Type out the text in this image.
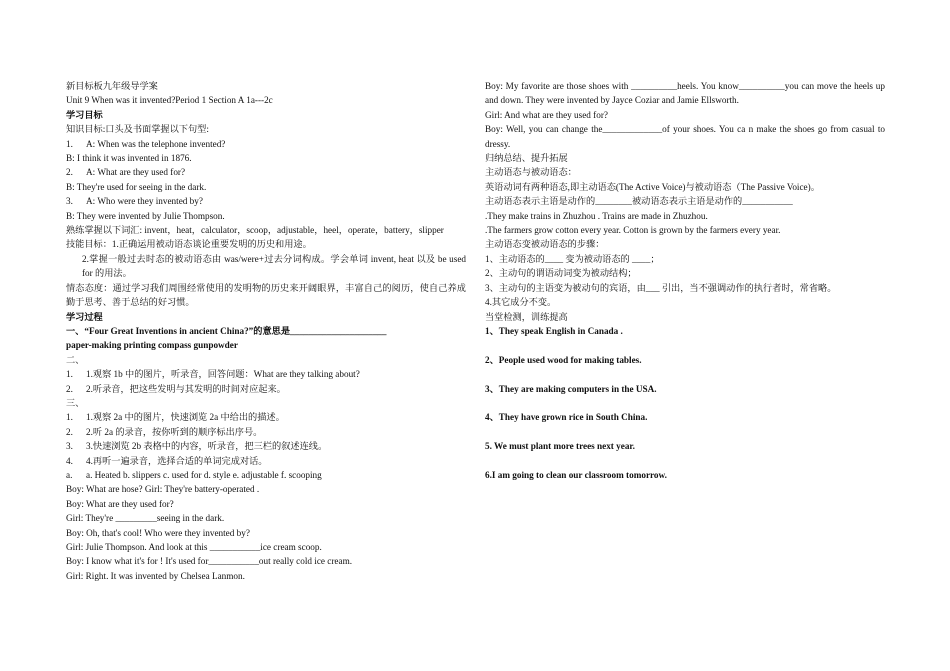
新目标板九年级导学案
Unit 9 When was it invented?Period 1 Section A 1a---2c
学习目标
知识目标:口头及书面掌握以下句型:
1. A: When was the telephone invented?
B: I think it was invented in 1876.
2. A: What are they used for?
B: They're used for seeing in the dark.
3. A: Who were they invented by?
B: They were invented by Julie Thompson.
熟练掌握以下词汇: invent，heat，calculator，scoop，adjustable，heel，operate，battery，slipper
技能目标：1.正确运用被动语态谈论重要发明的历史和用途。
2.掌握一般过去时态的被动语态由 was/were+过去分词构成。学会单词 invent, heat 以及 be used for 的用法。
情态态度：通过学习我们周围经常使用的发明物的历史来开阔眼界，丰富自己的阅历，使自己养成勤于思考、善于总结的好习惯。
学习过程
一、“Four Great Inventions in ancient China?”的意思是_____________________
paper-making printing compass gunpowder
二、
1. 1.观察 1b 中的图片，听录音，回答问题：What are they talking about?
2. 2.听录音，把这些发明与其发明的时间对应起来。
三、
1. 1.观察 2a 中的图片，快速浏览 2a 中给出的描述。
2. 2.听 2a 的录音，按你听到的顺序标出序号。
3. 3.快速浏览 2b 表格中的内容，听录音，把三栏的叙述连线。
4. 4.再听一遍录音，选择合适的单词完成对话。
a. a. Heated b. slippers c. used for d. style e. adjustable f. scooping
Boy: What are hose? Girl: They're battery-operated .
Boy: What are they used for?
Girl: They're _________seeing in the dark.
Boy: Oh, that's cool! Who were they invented by?
Girl: Julie Thompson. And look at this ___________ice cream scoop.
Boy: I know what it's for ! It's used for___________out really cold ice cream.
Girl: Right. It was invented by Chelsea Lanmon.
Boy: My favorite are those shoes with __________heels. You know__________you can move the heels up and down. They were invented by Jayce Coziar and Jamie Ellsworth.
Girl: And what are they used for?
Boy: Well, you can change the_____________of your shoes. You ca n make the shoes go from casual to dressy.
归纳总结、提升拓展
主动语态与被动语态：
英语动词有两种语态,即主动语态(The Active Voice)与被动语态（The Passive Voice)。
主动语态表示主语是动作的________被动语态表示主语是动作的___________
.They make trains in Zhuzhou . Trains are made in Zhuzhou.
.The farmers grow cotton every year. Cotton is grown by the farmers every year.
主动语态变被动语态的步骤：
1、主动语态的____ 变为被动语态的 ____；
2、主动句的谓语动词变为被动结构；
3、主动句的主语变为被动句的宾语，由___ 引出，当不强调动作的执行者时，常省略。
4.其它成分不变。
当堂检测，训练提高
1、They speak English in Canada .
2、People used wood for making tables.
3、They are making computers in the USA.
4、They have grown rice in South China.
5. We must plant more trees next year.
6.I am going to clean our classroom tomorrow.
